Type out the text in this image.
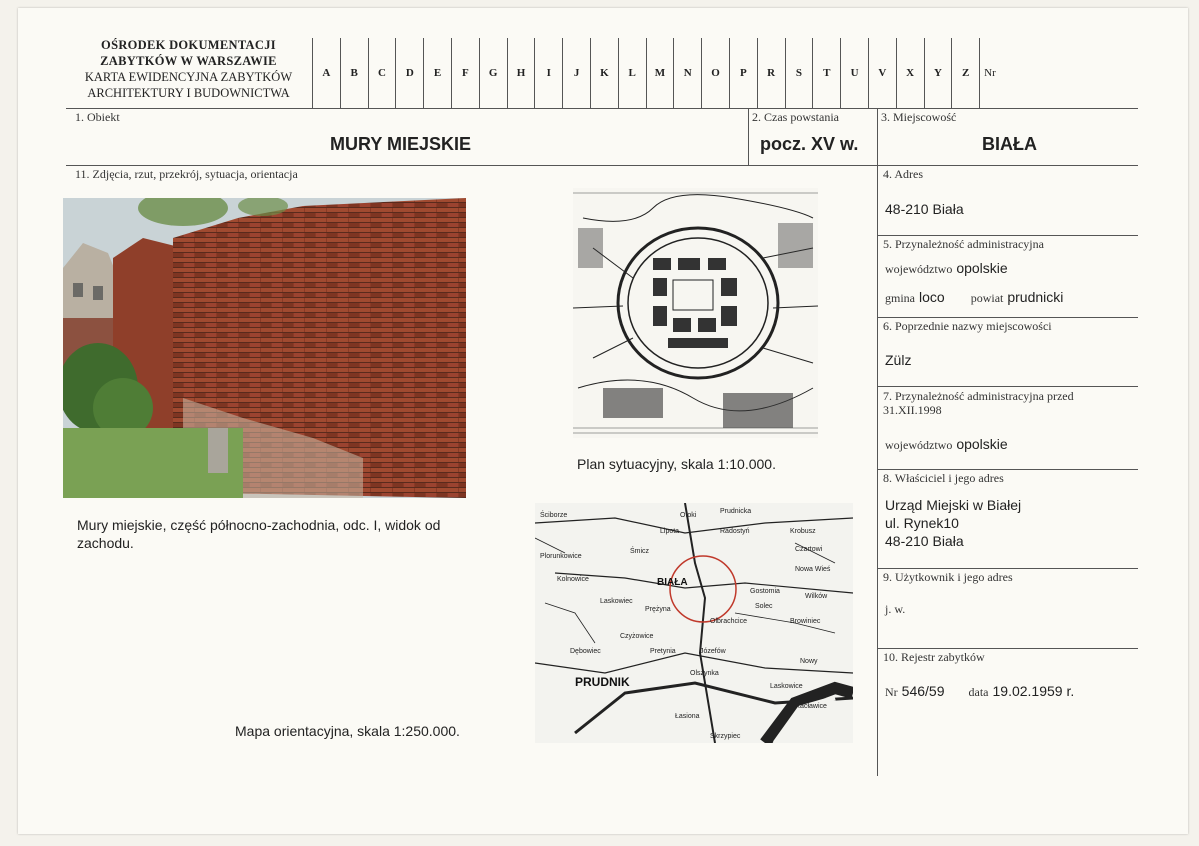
OŚRODEK DOKUMENTACJI
ZABYTKÓW W WARSZAWIE
KARTA EWIDENCYJNA ZABYTKÓW
ARCHITEKTURY I BUDOWNICTWA
A	B	C	D	E	F	G	H	I	J	K	L	M	N	O	P	R	S	T	U	V	X	Y	Z	Nr
1. Obiekt
MURY MIEJSKIE
2. Czas powstania
pocz. XV w.
3. Miejscowość
BIAŁA
11. Zdjęcia, rzut, przekrój, sytuacja, orientacja
Mury miejskie, część północno-zachodnia, odc. I, widok od zachodu.
Plan sytuacyjny, skala 1:10.000.
Ściborze	Otoki
Prudnicka
Lipota	Radostyń	Krobusz
Plorunkowice
Śmicz	Czartowi
Kolnowice
Nowa Wieś
Gostomia
Laskowiec
Solec
Wilków
Prężyna
Olbrachcice	Browiniec
Czyżowice
Pretynia
Dębowiec	Józefów
Nowy
Olszynka
Laskowice
Racławice
Łasiona
Skrzypiec
BIAŁA
PRUDNIK
Mapa orientacyjna, skala 1:250.000.
4. Adres
48-210 Biała
5. Przynależność administracyjna
województwo opolskie
gmina loco powiat prudnicki
6. Poprzednie nazwy miejscowości
Zülz
7. Przynależność administracyjna przed
31.XII.1998
województwo opolskie
8. Właściciel i jego adres
Urząd Miejski w Białej
ul. Rynek10
48-210 Biała
9. Użytkownik i jego adres
j. w.
10. Rejestr zabytków
Nr 546/59 data 19.02.1959 r.
